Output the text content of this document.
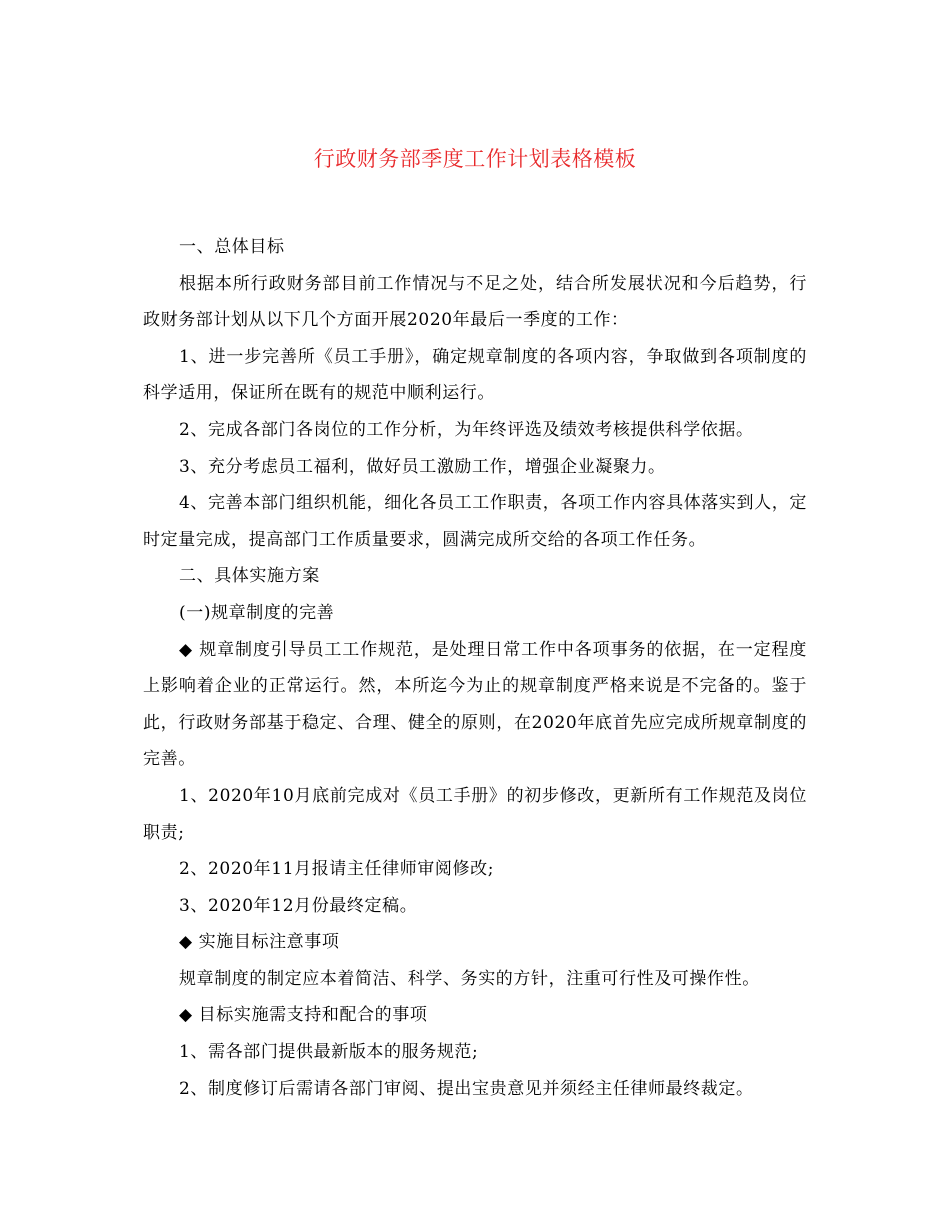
行政财务部季度工作计划表格模板

一、总体目标

根据本所行政财务部目前工作情况与不足之处，结合所发展状况和今后趋势，行政财务部计划从以下几个方面开展2020年最后一季度的工作：

1、进一步完善所《员工手册》，确定规章制度的各项内容，争取做到各项制度的科学适用，保证所在既有的规范中顺利运行。

2、完成各部门各岗位的工作分析，为年终评选及绩效考核提供科学依据。

3、充分考虑员工福利，做好员工激励工作，增强企业凝聚力。

4、完善本部门组织机能，细化各员工工作职责，各项工作内容具体落实到人，定时定量完成，提高部门工作质量要求，圆满完成所交给的各项工作任务。

二、具体实施方案

(一)规章制度的完善

◆ 规章制度引导员工工作规范，是处理日常工作中各项事务的依据，在一定程度上影响着企业的正常运行。然，本所迄今为止的规章制度严格来说是不完备的。鉴于此，行政财务部基于稳定、合理、健全的原则，在2020年底首先应完成所规章制度的完善。

1、2020年10月底前完成对《员工手册》的初步修改，更新所有工作规范及岗位职责;

2、2020年11月报请主任律师审阅修改;

3、2020年12月份最终定稿。

◆ 实施目标注意事项

规章制度的制定应本着简洁、科学、务实的方针，注重可行性及可操作性。

◆ 目标实施需支持和配合的事项

1、需各部门提供最新版本的服务规范;

2、制度修订后需请各部门审阅、提出宝贵意见并须经主任律师最终裁定。
